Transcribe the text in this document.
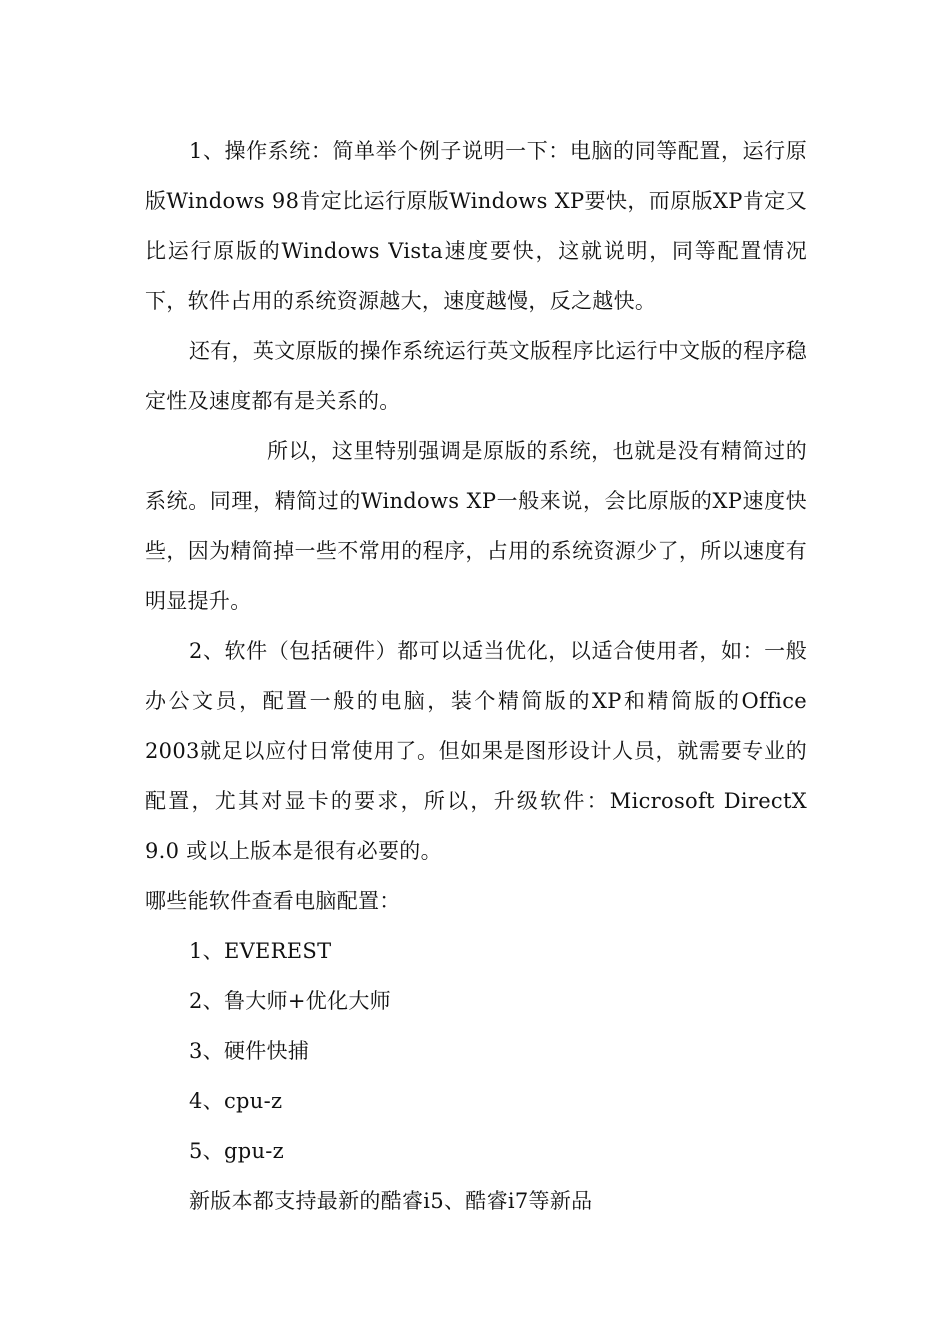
1、操作系统：简单举个例子说明一下：电脑的同等配置，运行原版Windows 98肯定比运行原版Windows XP要快，而原版XP肯定又比运行原版的Windows Vista速度要快，这就说明，同等配置情况下，软件占用的系统资源越大，速度越慢，反之越快。

还有，英文原版的操作系统运行英文版程序比运行中文版的程序稳定性及速度都有是关系的。

所以，这里特别强调是原版的系统，也就是没有精简过的系统。同理，精简过的Windows XP一般来说，会比原版的XP速度快些，因为精简掉一些不常用的程序，占用的系统资源少了，所以速度有明显提升。

2、软件（包括硬件）都可以适当优化，以适合使用者，如：一般办公文员，配置一般的电脑，装个精简版的XP和精简版的Office 2003就足以应付日常使用了。但如果是图形设计人员，就需要专业的配置，尤其对显卡的要求，所以，升级软件：Microsoft DirectX 9.0 或以上版本是很有必要的。

哪些能软件查看电脑配置：

1、EVEREST

2、鲁大师+优化大师

3、硬件快捕

4、cpu-z

5、gpu-z

新版本都支持最新的酷睿i5、酷睿i7等新品
